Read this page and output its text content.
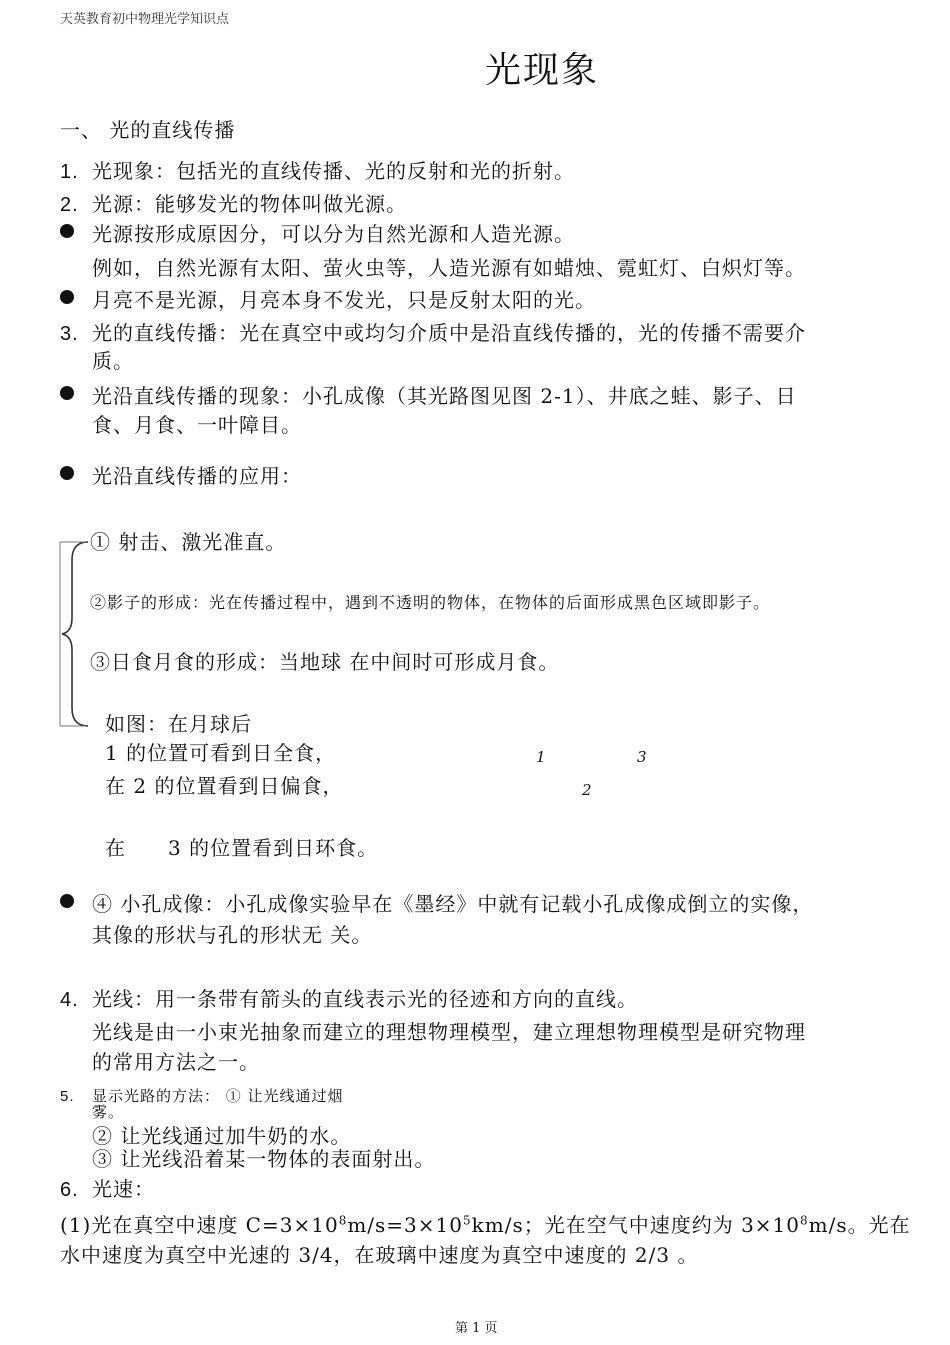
天英教育初中物理光学知识点
光现象
一、 光的直线传播
1. 光现象：包括光的直线传播、光的反射和光的折射。
2. 光源：能够发光的物体叫做光源。
光源按形成原因分，可以分为自然光源和人造光源。
例如，自然光源有太阳、萤火虫等，人造光源有如蜡烛、霓虹灯、白炽灯等。
月亮不是光源，月亮本身不发光，只是反射太阳的光。
3. 光的直线传播：光在真空中或均匀介质中是沿直线传播的，光的传播不需要介
质。
光沿直线传播的现象：小孔成像（其光路图见图 2-1）、井底之蛙、影子、日
食、月食、一叶障目。
光沿直线传播的应用：
① 射击、激光准直。
②影子的形成：光在传播过程中，遇到不透明的物体，在物体的后面形成黑色区域即影子。
③日食月食的形成：当地球 在中间时可形成月食。
如图：在月球后
1 的位置可看到日全食，
在 2 的位置看到日偏食，
在　　3 的位置看到日环食。
1	3
2
④ 小孔成像：小孔成像实验早在《墨经》中就有记载小孔成像成倒立的实像，
其像的形状与孔的形状无 关。
4. 光线：用一条带有箭头的直线表示光的径迹和方向的直线。
光线是由一小束光抽象而建立的理想物理模型，建立理想物理模型是研究物理
的常用方法之一。
5. 显示光路的方法： ① 让光线通过烟
雾。
② 让光线通过加牛奶的水。
③ 让光线沿着某一物体的表面射出。
6. 光速：
(1)光在真空中速度 $C=3\times 10^8m/s=3\times 10^5km/s$；光在空气中速度约为 $3\times 10^8m/s$。光在
水中速度为真空中光速的 3/4，在玻璃中速度为真空中速度的 2/3 。
第 1 页
